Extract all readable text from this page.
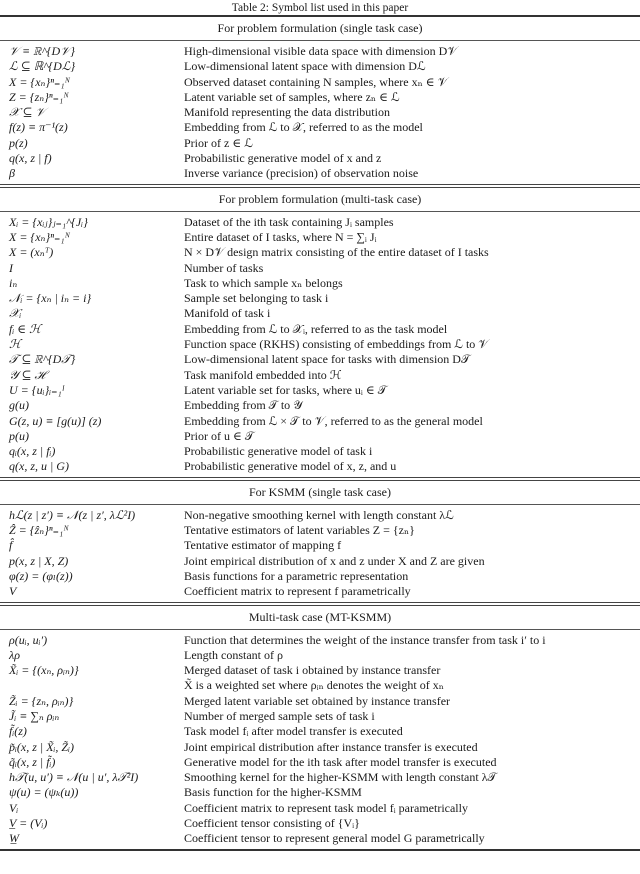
Table 2: Symbol list used in this paper
For problem formulation (single task case)
𝒱 ≡ ℝ^{D𝒱}	High-dimensional visible data space with dimension D𝒱
ℒ ⊆ ℝ^{Dℒ}	Low-dimensional latent space with dimension Dℒ
X = {xₙ}ⁿ₌₁ᴺ	Observed dataset containing N samples, where xₙ ∈ 𝒱
Z = {zₙ}ⁿ₌₁ᴺ	Latent variable set of samples, where zₙ ∈ ℒ
𝒳 ⊆ 𝒱	Manifold representing the data distribution
f(z) ≡ π⁻¹(z)	Embedding from ℒ to 𝒳, referred to as the model
p(z)	Prior of z ∈ ℒ
q(x, z | f)	Probabilistic generative model of x and z
β	Inverse variance (precision) of observation noise
For problem formulation (multi-task case)
Xᵢ = {xᵢⱼ}ⱼ₌₁^{Jᵢ}	Dataset of the ith task containing Jᵢ samples
X = {xₙ}ⁿ₌₁ᴺ	Entire dataset of I tasks, where N = ∑ᵢ Jᵢ
X = (xₙᵀ)	N × D𝒱 design matrix consisting of the entire dataset of I tasks
I	Number of tasks
iₙ	Task to which sample xₙ belongs
𝒩ᵢ = {xₙ | iₙ = i}	Sample set belonging to task i
𝒳ᵢ	Manifold of task i
fᵢ ∈ ℋ	Embedding from ℒ to 𝒳ᵢ, referred to as the task model
ℋ	Function space (RKHS) consisting of embeddings from ℒ to 𝒱
𝒯 ⊆ ℝ^{D𝒯}	Low-dimensional latent space for tasks with dimension D𝒯
𝒴 ⊆ ℋ	Task manifold embedded into ℋ
U = {uᵢ}ᵢ₌₁ᴵ	Latent variable set for tasks, where uᵢ ∈ 𝒯
g(u)	Embedding from 𝒯 to 𝒴
G(z, u) ≡ [g(u)] (z)	Embedding from ℒ × 𝒯 to 𝒱, referred to as the general model
p(u)	Prior of u ∈ 𝒯
qᵢ(x, z | fᵢ)	Probabilistic generative model of task i
q(x, z, u | G)	Probabilistic generative model of x, z, and u
For KSMM (single task case)
hℒ(z | z′) ≡ 𝒩(z | z′, λℒ²I)	Non-negative smoothing kernel with length constant λℒ
Ẑ = {ẑₙ}ⁿ₌₁ᴺ	Tentative estimators of latent variables Z = {zₙ}
f̂	Tentative estimator of mapping f
p(x, z | X, Z)	Joint empirical distribution of x and z under X and Z are given
φ(z) = (φₗ(z))	Basis functions for a parametric representation
V	Coefficient matrix to represent f parametrically
Multi-task case (MT-KSMM)
ρ(uᵢ, uᵢ′)	Function that determines the weight of the instance transfer from task i′ to i
λρ	Length constant of ρ
X̃ᵢ = {(xₙ, ρᵢₙ)}	Merged dataset of task i obtained by instance transfer
X̃ is a weighted set where ρᵢₙ denotes the weight of xₙ
Z̃ᵢ = {zₙ, ρᵢₙ)}	Merged latent variable set obtained by instance transfer
J̃ᵢ ≡ ∑ₙ ρᵢₙ	Number of merged sample sets of task i
f̃ᵢ(z)	Task model fᵢ after model transfer is executed
p̃ᵢ(x, z | X̃ᵢ, Z̃ᵢ)	Joint empirical distribution after instance transfer is executed
q̃ᵢ(x, z | f̃ᵢ)	Generative model for the ith task after model transfer is executed
h𝒯(u, u′) ≡ 𝒩(u | u′, λ𝒯²I)	Smoothing kernel for the higher-KSMM with length constant λ𝒯
ψ(u) = (ψₖ(u))	Basis function for the higher-KSMM
Vᵢ	Coefficient matrix to represent task model fᵢ parametrically
V̲ = (Vᵢ)	Coefficient tensor consisting of {Vᵢ}
W̲	Coefficient tensor to represent general model G parametrically
